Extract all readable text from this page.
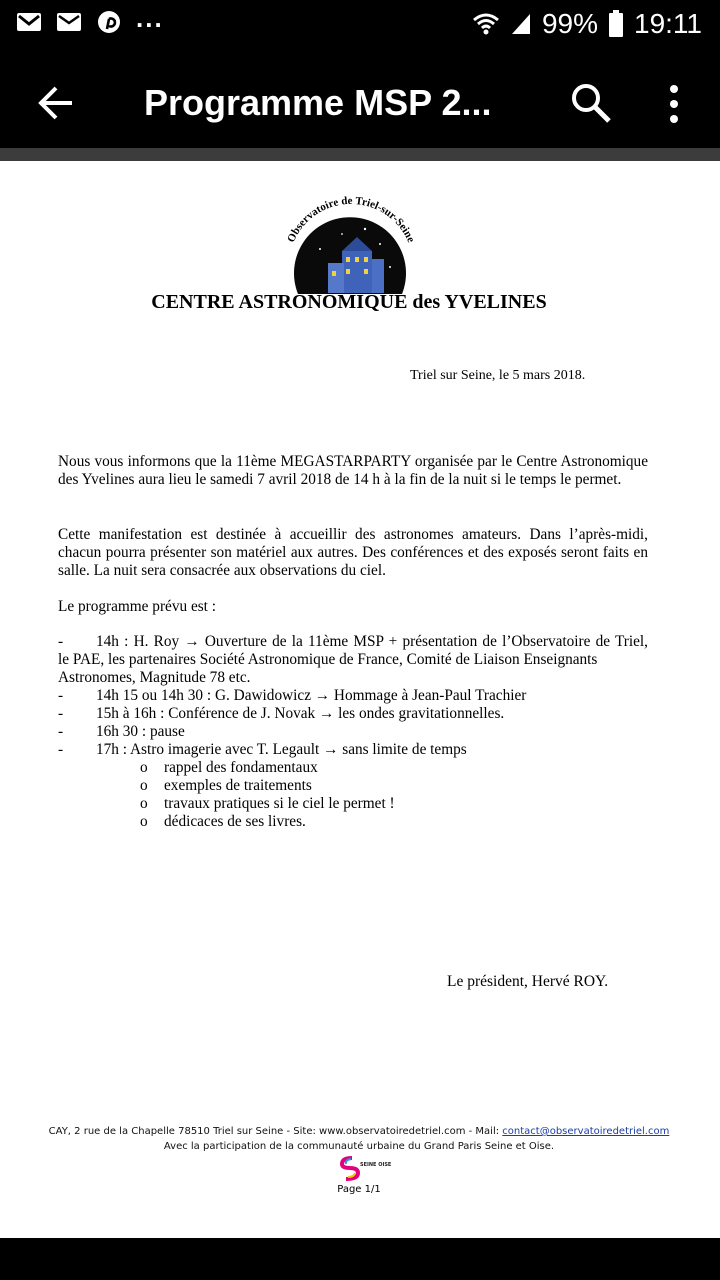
...	99% 19:11
Programme MSP 2...
Observatoire de Triel-sur-Seine
CENTRE ASTRONOMIQUE des YVELINES
Triel sur Seine, le 5 mars 2018.
Nous vous informons que la 11ème MEGASTARPARTY organisée par le Centre Astronomique des Yvelines aura lieu le samedi 7 avril 2018 de 14 h à la fin de la nuit si le temps le permet.
Cette manifestation est destinée à accueillir des astronomes amateurs. Dans l’après-midi, chacun pourra présenter son matériel aux autres. Des conférences et des exposés seront faits en salle. La nuit sera consacrée aux observations du ciel.
Le programme prévu est :
- 14h : H. Roy → Ouverture de la 11ème MSP + présentation de l’Observatoire de Triel,
le PAE, les partenaires Société Astronomique de France, Comité de Liaison Enseignants Astronomes, Magnitude 78 etc.
- 14h 15 ou 14h 30 : G. Dawidowicz → Hommage à Jean-Paul Trachier
- 15h à 16h : Conférence de J. Novak → les ondes gravitationnelles.
- 16h 30 : pause
- 17h : Astro imagerie avec T. Legault → sans limite de temps
o rappel des fondamentaux
o exemples de traitements
o travaux pratiques si le ciel le permet !
o dédicaces de ses livres.
Le président, Hervé ROY.
CAY, 2 rue de la Chapelle 78510 Triel sur Seine - Site: www.observatoiredetriel.com - Mail: contact@observatoiredetriel.com
Avec la participation de la communauté urbaine du Grand Paris Seine et Oise.
SEINE OISE
Page 1/1
